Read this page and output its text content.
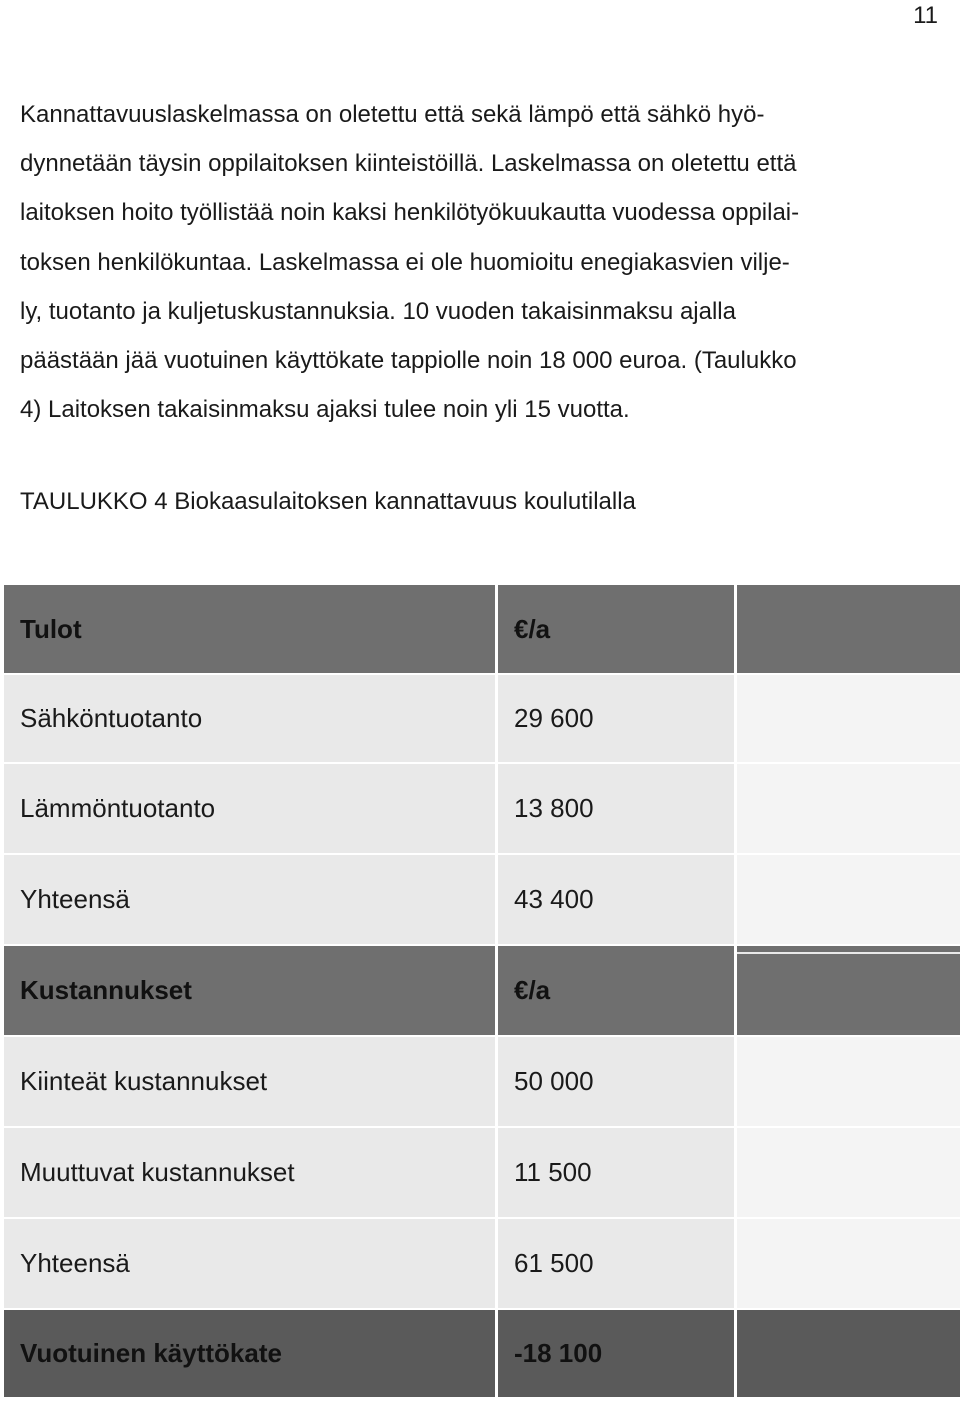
11

Kannattavuuslaskelmassa on oletettu että sekä lämpö että sähkö hyö-
dynnetään täysin oppilaitoksen kiinteistöillä. Laskelmassa on oletettu että
laitoksen hoito työllistää noin kaksi henkilötyökuukautta vuodessa oppilai-
toksen henkilökuntaa. Laskelmassa ei ole huomioitu enegiakasvien vilje-
ly, tuotanto ja kuljetuskustannuksia. 10 vuoden takaisinmaksu ajalla
päästään jää vuotuinen käyttökate tappiolle noin 18 000 euroa. (Taulukko
4) Laitoksen takaisinmaksu ajaksi tulee noin yli 15 vuotta.

TAULUKKO 4 Biokaasulaitoksen kannattavuus koulutilalla

Tulot	€/a
Sähköntuotanto	29 600
Lämmöntuotanto	13 800
Yhteensä	43 400
Kustannukset	€/a
Kiinteät kustannukset	50 000
Muuttuvat kustannukset	11 500
Yhteensä	61 500
Vuotuinen käyttökate	-18 100
